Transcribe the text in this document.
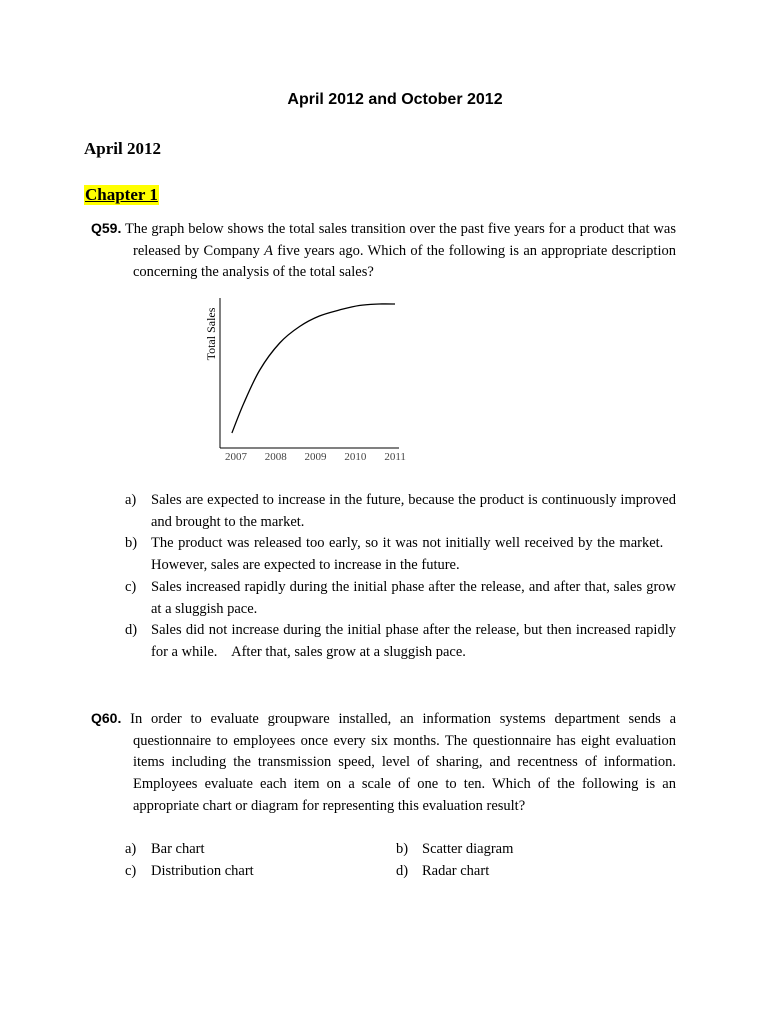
April 2012 and October 2012
April 2012
Chapter 1
Q59. The graph below shows the total sales transition over the past five years for a product that was released by Company A five years ago. Which of the following is an appropriate description concerning the analysis of the total sales?
2007 2008 2009 2010 2011
Total Sales
a)	Sales are expected to increase in the future, because the product is continuously improved and brought to the market.
b) The product was released too early, so it was not initially well received by the market.    However, sales are expected to increase in the future.
c)	Sales increased rapidly during the initial phase after the release, and after that, sales grow at a sluggish pace.
d) Sales did not increase during the initial phase after the release, but then increased rapidly for a while.    After that, sales grow at a sluggish pace.
Q60. In order to evaluate groupware installed, an information systems department sends a questionnaire to employees once every six months. The questionnaire has eight evaluation items including the transmission speed, level of sharing, and recentness of information. Employees evaluate each item on a scale of one to ten. Which of the following is an appropriate chart or diagram for representing this evaluation result?
a)	Bar chart	b) Scatter diagram
c)	Distribution chart	d) Radar chart
